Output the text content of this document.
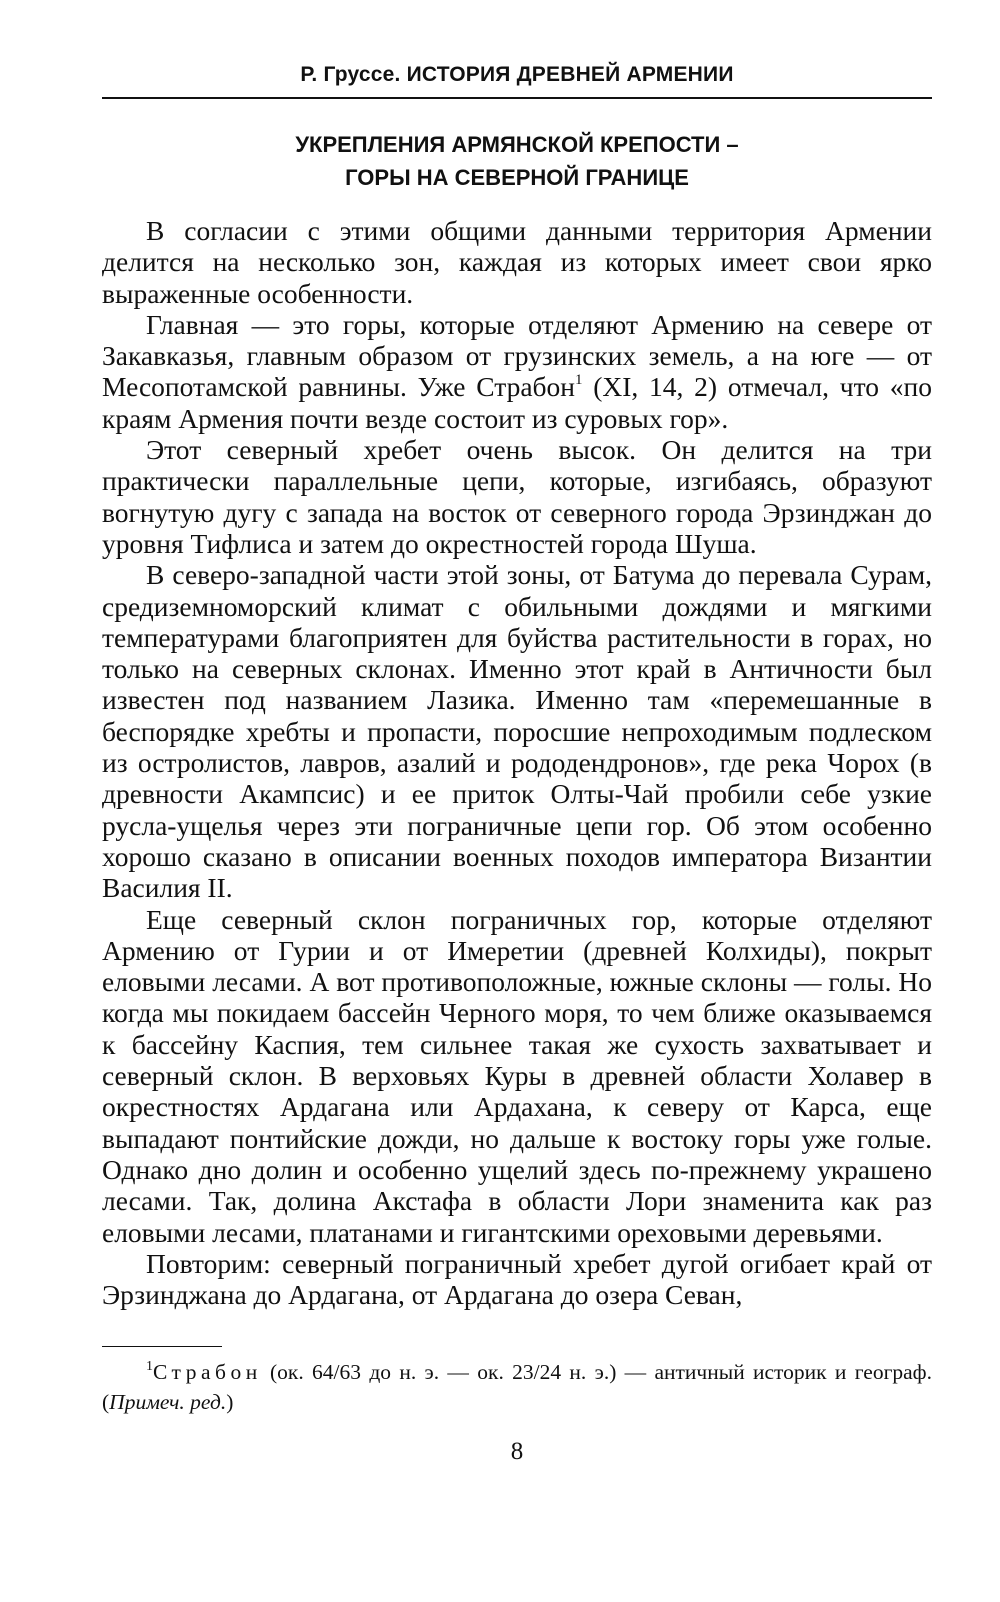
Р. Груссе. ИСТОРИЯ ДРЕВНЕЙ АРМЕНИИ
УКРЕПЛЕНИЯ АРМЯНСКОЙ КРЕПОСТИ –
ГОРЫ НА СЕВЕРНОЙ ГРАНИЦЕ

В согласии с этими общими данными территория Армении делится на несколько зон, каждая из которых имеет свои ярко выраженные особенности.

Главная — это горы, которые отделяют Армению на севере от Закавказья, главным образом от грузинских земель, а на юге — от Месопотамской равнины. Уже Страбон$^1$ (XI, 14, 2) отмечал, что «по краям Армения почти везде состоит из суровых гор».

Этот северный хребет очень высок. Он делится на три практически параллельные цепи, которые, изгибаясь, образуют вогнутую дугу с запада на восток от северного города Эрзинджан до уровня Тифлиса и затем до окрестностей города Шуша.

В северо-западной части этой зоны, от Батума до перевала Сурам, средиземноморский климат с обильными дождями и мягкими температурами благоприятен для буйства растительности в горах, но только на северных склонах. Именно этот край в Античности был известен под названием Лазика. Именно там «перемешанные в беспорядке хребты и пропасти, поросшие непроходимым подлеском из остролистов, лавров, азалий и рододендронов», где река Чорох (в древности Акампсис) и ее приток Олты-Чай пробили себе узкие русла-ущелья через эти пограничные цепи гор. Об этом особенно хорошо сказано в описании военных походов императора Византии Василия II.

Еще северный склон пограничных гор, которые отделяют Армению от Гурии и от Имеретии (древней Колхиды), покрыт еловыми лесами. А вот противоположные, южные склоны — голы. Но когда мы покидаем бассейн Черного моря, то чем ближе оказываемся к бассейну Каспия, тем сильнее такая же сухость захватывает и северный склон. В верховьях Куры в древней области Холавер в окрестностях Ардагана или Ардахана, к северу от Карса, еще выпадают понтийские дожди, но дальше к востоку горы уже голые. Однако дно долин и особенно ущелий здесь по-прежнему украшено лесами. Так, долина Акстафа в области Лори знаменита как раз еловыми лесами, платанами и гигантскими ореховыми деревьями.

Повторим: северный пограничный хребет дугой огибает край от Эрзинджана до Ардагана, от Ардагана до озера Севан,

$^1$Страбон (ок. 64/63 до н. э. — ок. 23/24 н. э.) — античный историк и географ. (Примеч. ред.)

8
